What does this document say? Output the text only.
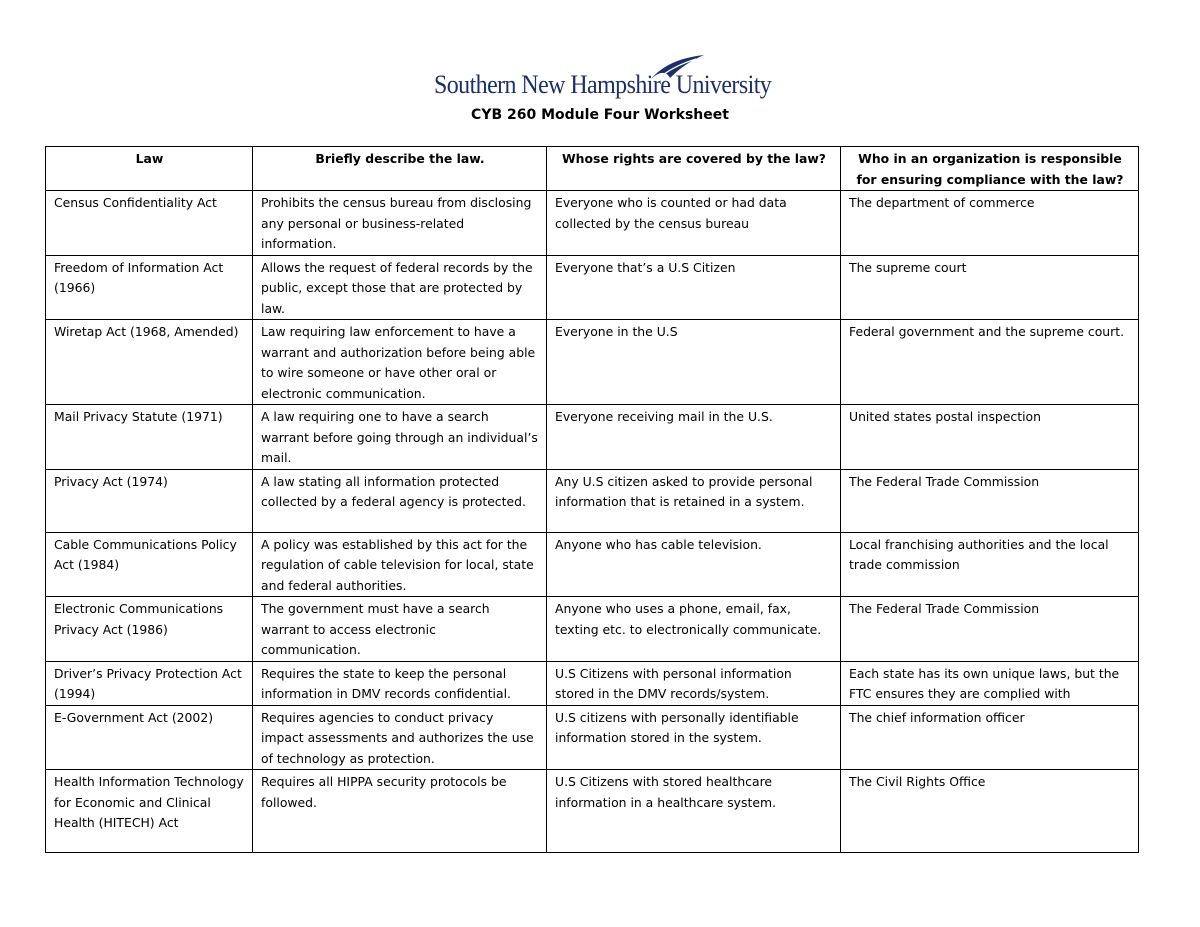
Southern New Hampshire University
CYB 260 Module Four Worksheet
Law	Briefly describe the law.	Whose rights are covered by the law?	Who in an organization is responsible for ensuring compliance with the law?
Census Confidentiality Act	Prohibits the census bureau from disclosing any personal or business-related information.	Everyone who is counted or had data collected by the census bureau	The department of commerce
Freedom of Information Act (1966)	Allows the request of federal records by the public, except those that are protected by law.	Everyone that’s a U.S Citizen	The supreme court
Wiretap Act (1968, Amended)	Law requiring law enforcement to have a warrant and authorization before being able to wire someone or have other oral or electronic communication.	Everyone in the U.S	Federal government and the supreme court.
Mail Privacy Statute (1971)	A law requiring one to have a search warrant before going through an individual’s mail.	Everyone receiving mail in the U.S.	United states postal inspection
Privacy Act (1974)	A law stating all information protected collected by a federal agency is protected.	Any U.S citizen asked to provide personal information that is retained in a system.	The Federal Trade Commission
Cable Communications Policy Act (1984)	A policy was established by this act for the regulation of cable television for local, state and federal authorities.	Anyone who has cable television.	Local franchising authorities and the local trade commission
Electronic Communications Privacy Act (1986)	The government must have a search warrant to access electronic communication.	Anyone who uses a phone, email, fax, texting etc. to electronically communicate.	The Federal Trade Commission
Driver’s Privacy Protection Act (1994)	Requires the state to keep the personal information in DMV records confidential.	U.S Citizens with personal information stored in the DMV records/system.	Each state has its own unique laws, but the FTC ensures they are complied with
E-Government Act (2002)	Requires agencies to conduct privacy impact assessments and authorizes the use of technology as protection.	U.S citizens with personally identifiable information stored in the system.	The chief information officer
Health Information Technology for Economic and Clinical Health (HITECH) Act	Requires all HIPPA security protocols be followed.	U.S Citizens with stored healthcare information in a healthcare system.	The Civil Rights Office
